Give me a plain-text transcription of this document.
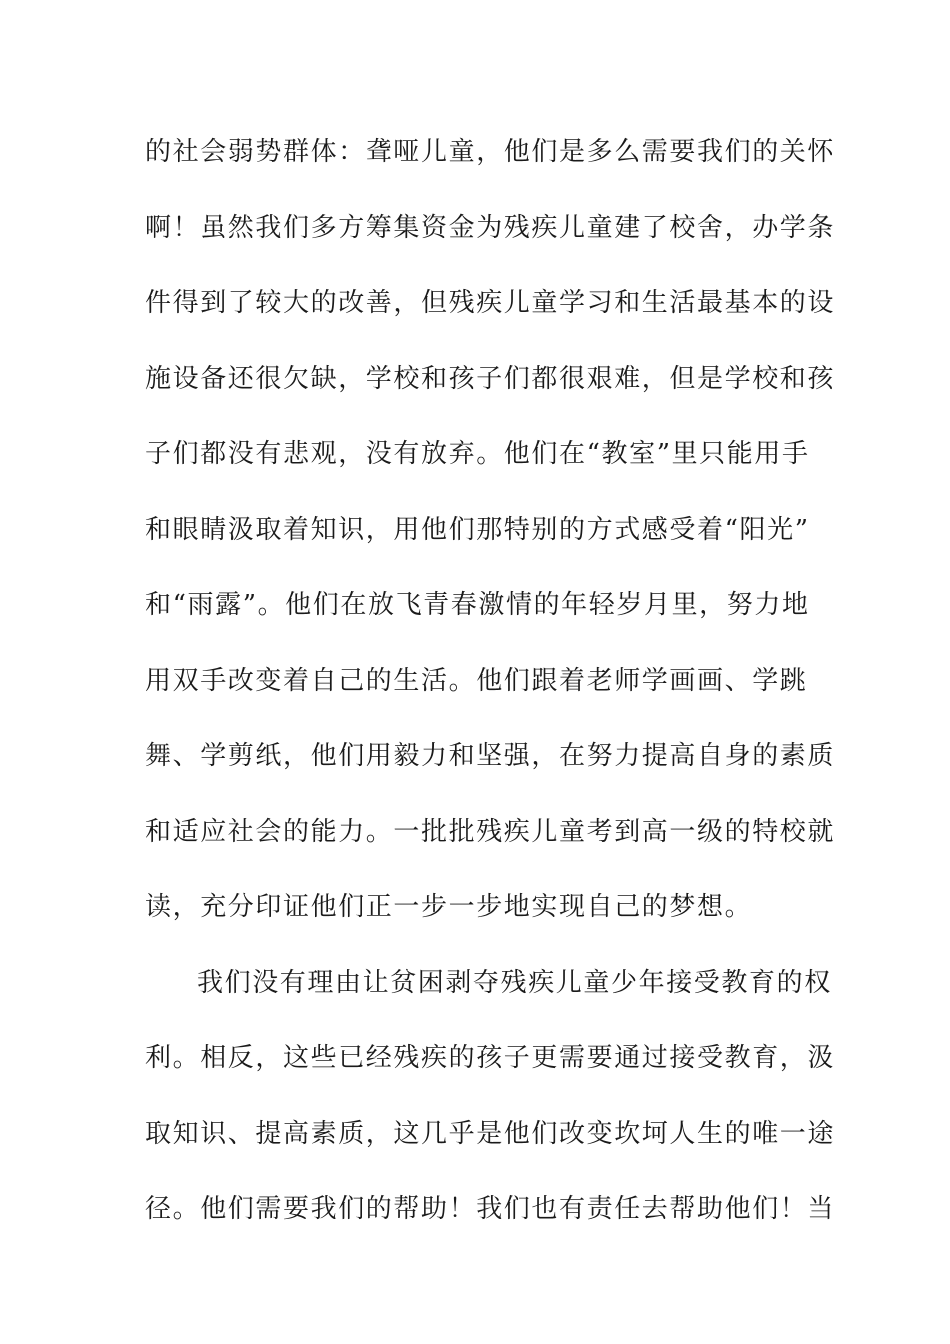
的社会弱势群体：聋哑儿童，他们是多么需要我们的关怀
啊！虽然我们多方筹集资金为残疾儿童建了校舍，办学条
件得到了较大的改善，但残疾儿童学习和生活最基本的设
施设备还很欠缺，学校和孩子们都很艰难，但是学校和孩
子们都没有悲观，没有放弃。他们在“教室”里只能用手
和眼睛汲取着知识，用他们那特别的方式感受着“阳光”
和“雨露”。他们在放飞青春激情的年轻岁月里，努力地
用双手改变着自己的生活。他们跟着老师学画画、学跳
舞、学剪纸，他们用毅力和坚强，在努力提高自身的素质
和适应社会的能力。一批批残疾儿童考到高一级的特校就
读，充分印证他们正一步一步地实现自己的梦想。
我们没有理由让贫困剥夺残疾儿童少年接受教育的权
利。相反，这些已经残疾的孩子更需要通过接受教育，汲
取知识、提高素质，这几乎是他们改变坎坷人生的唯一途
径。他们需要我们的帮助！我们也有责任去帮助他们！当
